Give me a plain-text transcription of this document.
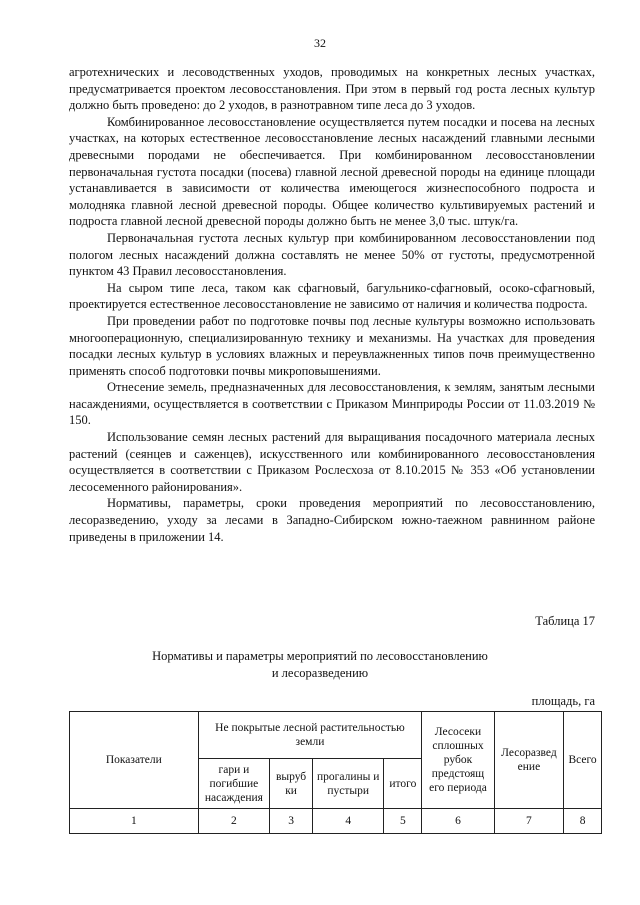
32

агротехнических и лесоводственных уходов, проводимых на конкретных лесных участках, предусматривается проектом лесовосстановления. При этом в первый год роста лесных культур должно быть проведено: до 2 уходов, в разнотравном типе леса до 3 уходов.

Комбинированное лесовосстановление осуществляется путем посадки и посева на лесных участках, на которых естественное лесовосстановление лесных насаждений главными лесными древесными породами не обеспечивается. При комбинированном лесовосстановлении первоначальная густота посадки (посева) главной лесной древесной породы на единице площади устанавливается в зависимости от количества имеющегося жизнеспособного подроста и молодняка главной лесной древесной породы. Общее количество культивируемых растений и подроста главной лесной древесной породы должно быть не менее 3,0 тыс. штук/га.

Первоначальная густота лесных культур при комбинированном лесовосстановлении под пологом лесных насаждений должна составлять не менее 50% от густоты, предусмотренной пунктом 43 Правил лесовосстановления.

На сыром типе леса, таком как сфагновый, багульнико-сфагновый, осоко-сфагновый, проектируется естественное лесовосстановление не зависимо от наличия и количества подроста.

При проведении работ по подготовке почвы под лесные культуры возможно использовать многооперационную, специализированную технику и механизмы. На участках для проведения посадки лесных культур в условиях влажных и переувлажненных типов почв преимущественно применять способ подготовки почвы микроповышениями.

Отнесение земель, предназначенных для лесовосстановления, к землям, занятым лесными насаждениями, осуществляется в соответствии с Приказом Минприроды России от 11.03.2019 № 150.

Использование семян лесных растений для выращивания посадочного материала лесных растений (сеянцев и саженцев), искусственного или комбинированного лесовосстановления осуществляется в соответствии с Приказом Рослесхоза от 8.10.2015 № 353 «Об установлении лесосеменного районирования».

Нормативы, параметры, сроки проведения мероприятий по лесовосстановлению, лесоразведению, уходу за лесами в Западно-Сибирском южно-таежном равнинном районе приведены в приложении 14.

Таблица 17
Нормативы и параметры мероприятий по лесовосстановлению
и лесоразведению
площадь, га
Показатели	Не покрытые лесной растительностью земли				Лесосеки сплошных рубок предстоящ его периода	Лесоразвед ение	Всего
	гари и погибшие насаждения	выруб ки	прогалины и пустыри	итого			
1	2	3	4	5	6	7	8
